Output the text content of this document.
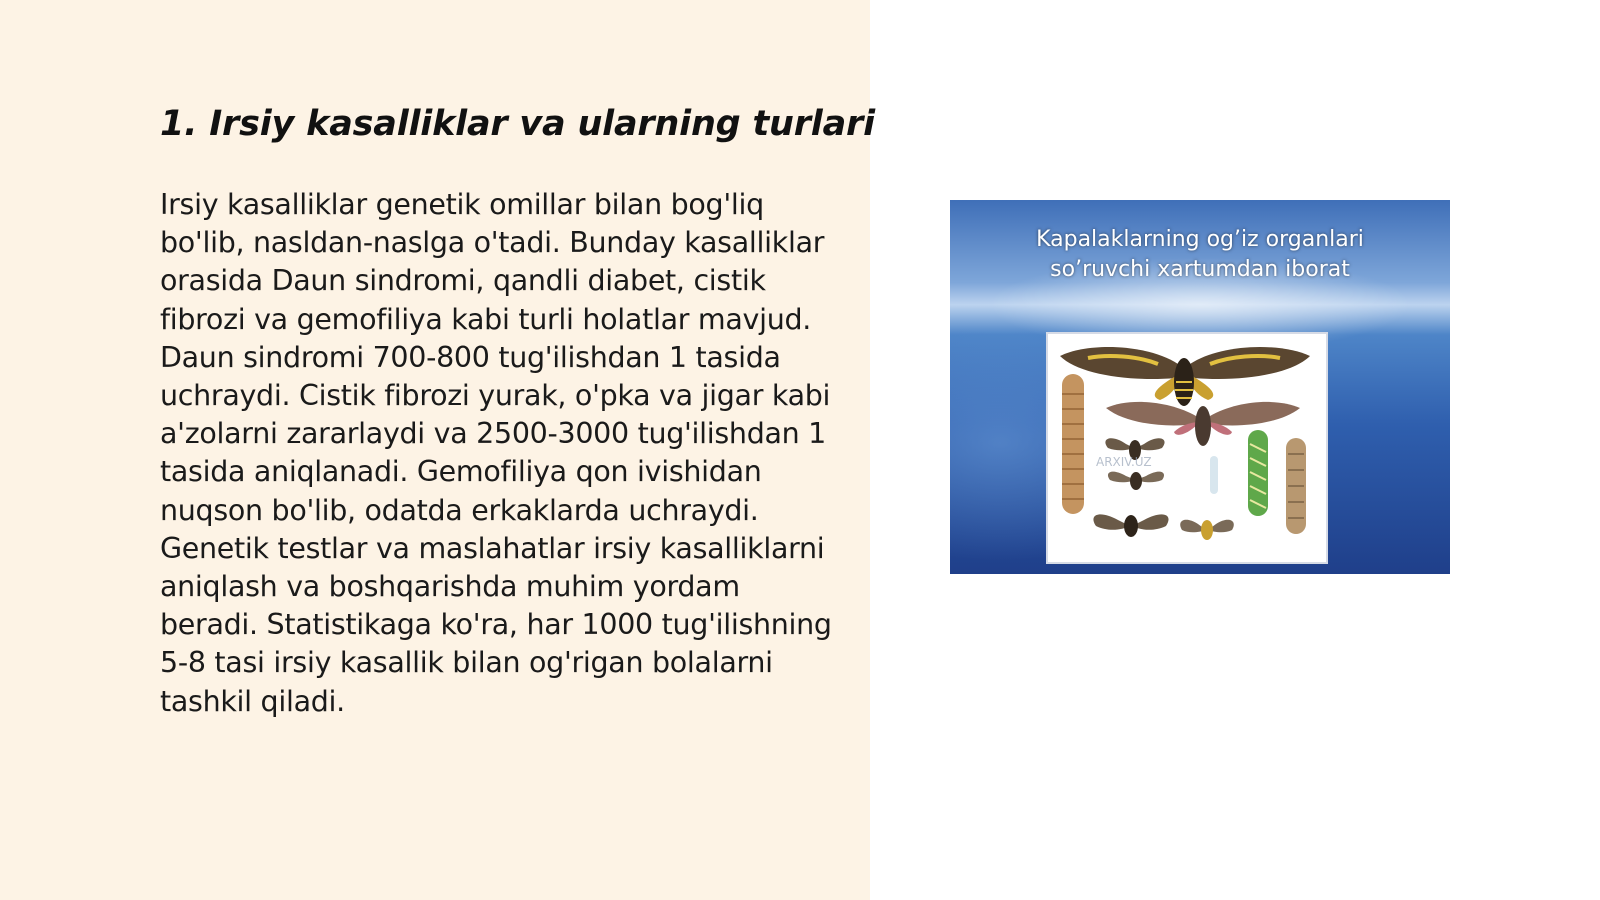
1. Irsiy kasalliklar va ularning turlari

Irsiy kasalliklar genetik omillar bilan bog'liq bo'lib, nasldan-naslga o'tadi. Bunday kasalliklar orasida Daun sindromi, qandli diabet, cistik fibrozi va gemofiliya kabi turli holatlar mavjud. Daun sindromi 700-800 tug'ilishdan 1 tasida uchraydi. Cistik fibrozi yurak, o'pka va jigar kabi a'zolarni zararlaydi va 2500-3000 tug'ilishdan 1 tasida aniqlanadi. Gemofiliya qon ivishidan nuqson bo'lib, odatda erkaklarda uchraydi. Genetik testlar va maslahatlar irsiy kasalliklarni aniqlash va boshqarishda muhim yordam beradi. Statistikaga ko'ra, har 1000 tug'ilishning 5-8 tasi irsiy kasallik bilan og'rigan bolalarni tashkil qiladi.

Kapalaklarning og’iz organlari
so’ruvchi xartumdan iborat
ARXIV.UZ
